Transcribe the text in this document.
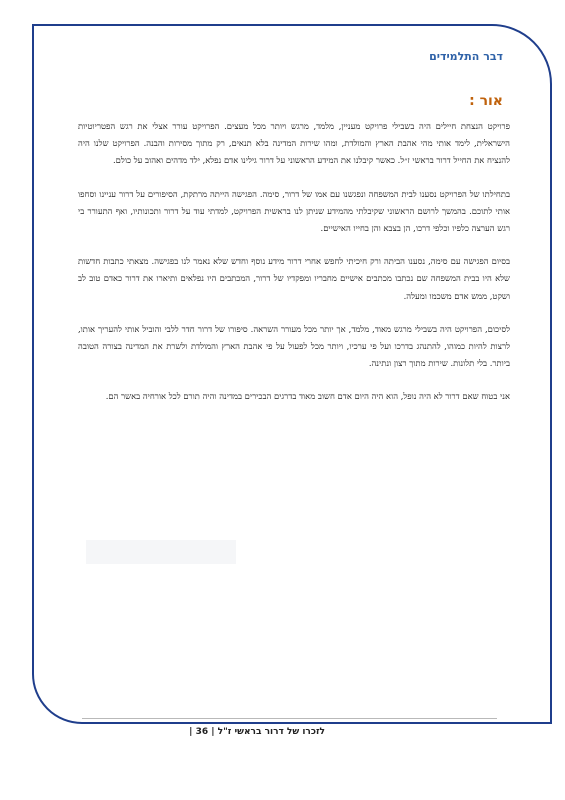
דבר התלמידים
אור :

פרויקט הנצחת חיילים היה בשבילי פרויקט מעניין, מלמד, מרגש ויותר מכל מעצים. הפרויקט עורר אצלי את רגש הפטריוטיות הישראלית, לימד אותי מהי אהבת הארץ והמולדת, ומהו שירות המדינה בלא תנאים, רק מתוך מסירות והבנה. הפרויקט שלנו היה להנציח את החייל דרור בראשי ז״ל. כאשר קיבלנו את המידע הראשוני על דרור גילינו אדם נפלא, ילד מדהים ואהוב על כולם.

בתחילתו של הפרויקט נסענו לבית המשפחה ונפגשנו עם אמו של דרור, סימה. הפגישה הייתה מרתקת, הסיפורים על דרור עניינו וסחפו אותי לתוכם. בהמשך לרושם הראשוני שקיבלתי מהמידע שניתן לנו בראשית הפרויקט, למדתי עוד על דרור ותכונותיו, ואף התעורר בי רגש הערצה כלפיו וכלפי דרכו, הן בצבא והן בחייו האישיים.

בסיום הפגישה עם סימה, נסענו הביתה ורק חיכיתי לחפש אחרי דרור מידע נוסף וחדש שלא נאמר לנו בפגישה. מצאתי כתבות חדשות שלא היו בבית המשפחה שם נכתבו מכתבים אישיים מחבריו ומפקדיו של דרור, המכתבים היו נפלאים ותיארו את דרור כאדם טוב לב ושקט, ממש אדם משכמו ומעלה.

לסיכום, הפרויקט היה בשבילי מרגש מאוד, מלמד, אך יותר מכל מעורר השראה. סיפורו של דרור חדר ללבי והוביל אותי להעריך אותו, לרצות להיות כמוהו, להתנהג בדרכו ועל פי ערכיו, ויותר מכל לפעול על פי אהבת הארץ והמולדת ולשרת את המדינה בצורה הטובה ביותר. בלי תלונות. שירות מתוך רצון ונתינה.

אני בטוח שאם דרור לא היה נופל, הוא היה היום אדם חשוב מאוד בדרגים הבכירים במדינה והיה תורם לכל אורחיה באשר הם.

לזכרו של דרור בראשי ז"ל | 36 |
